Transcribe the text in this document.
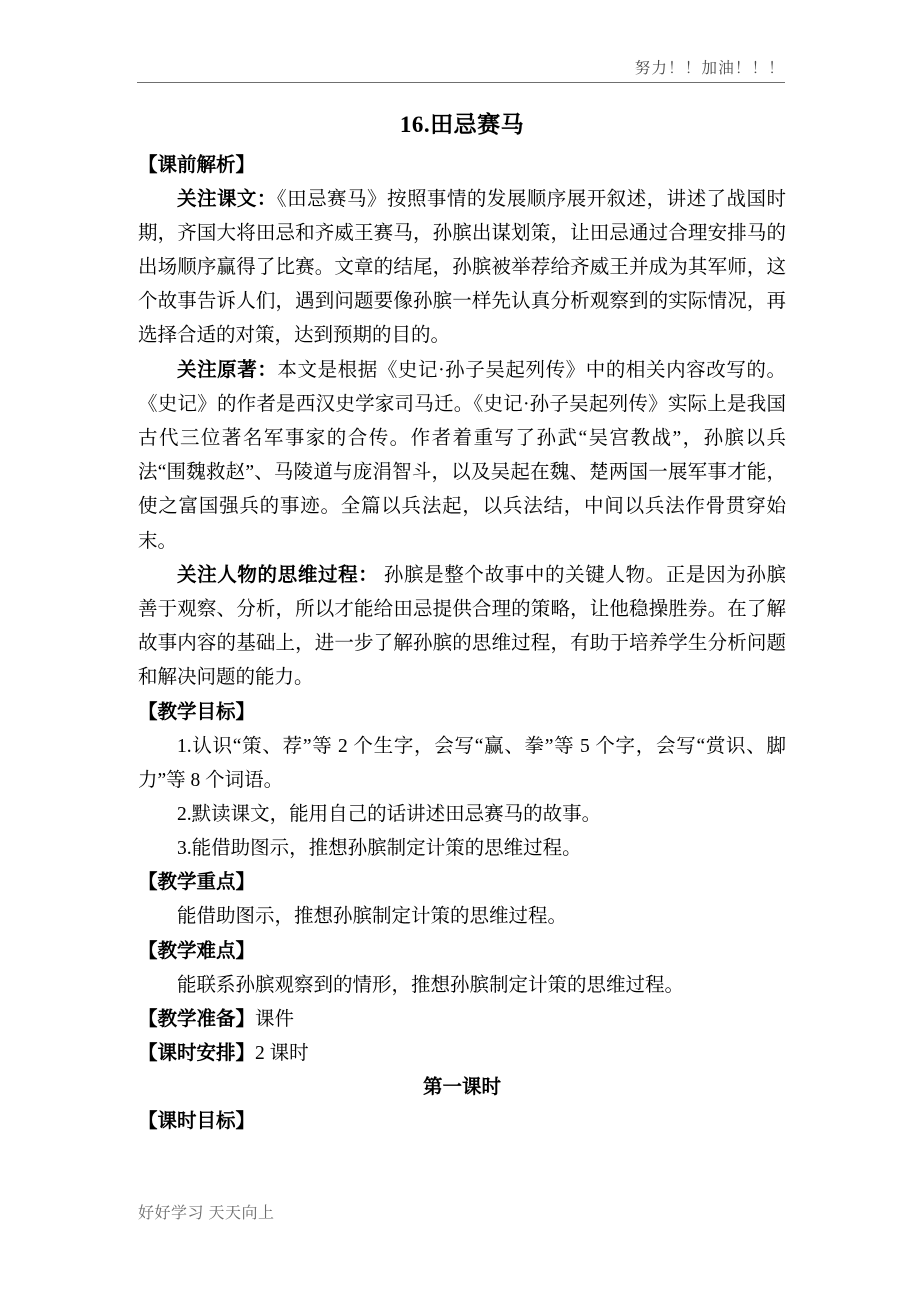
努力！！加油！！！
16.田忌赛马
【课前解析】

关注课文：《田忌赛马》按照事情的发展顺序展开叙述，讲述了战国时期，齐国大将田忌和齐威王赛马，孙膑出谋划策，让田忌通过合理安排马的出场顺序赢得了比赛。文章的结尾，孙膑被举荐给齐威王并成为其军师，这个故事告诉人们，遇到问题要像孙膑一样先认真分析观察到的实际情况，再选择合适的对策，达到预期的目的。

关注原著：本文是根据《史记·孙子吴起列传》中的相关内容改写的。《史记》的作者是西汉史学家司马迁。《史记·孙子吴起列传》实际上是我国古代三位著名军事家的合传。作者着重写了孙武“吴宫教战”，孙膑以兵法“围魏救赵”、马陵道与庞涓智斗，以及吴起在魏、楚两国一展军事才能，使之富国强兵的事迹。全篇以兵法起，以兵法结，中间以兵法作骨贯穿始末。

关注人物的思维过程： 孙膑是整个故事中的关键人物。正是因为孙膑善于观察、分析，所以才能给田忌提供合理的策略，让他稳操胜券。在了解故事内容的基础上，进一步了解孙膑的思维过程，有助于培养学生分析问题和解决问题的能力。

【教学目标】

1.认识“策、荐”等 2 个生字，会写“赢、拳”等 5 个字，会写“赏识、脚力”等 8 个词语。

2.默读课文，能用自己的话讲述田忌赛马的故事。

3.能借助图示，推想孙膑制定计策的思维过程。

【教学重点】

能借助图示，推想孙膑制定计策的思维过程。

【教学难点】

能联系孙膑观察到的情形，推想孙膑制定计策的思维过程。

【教学准备】课件

【课时安排】2 课时

第一课时
【课时目标】
好好学习 天天向上
